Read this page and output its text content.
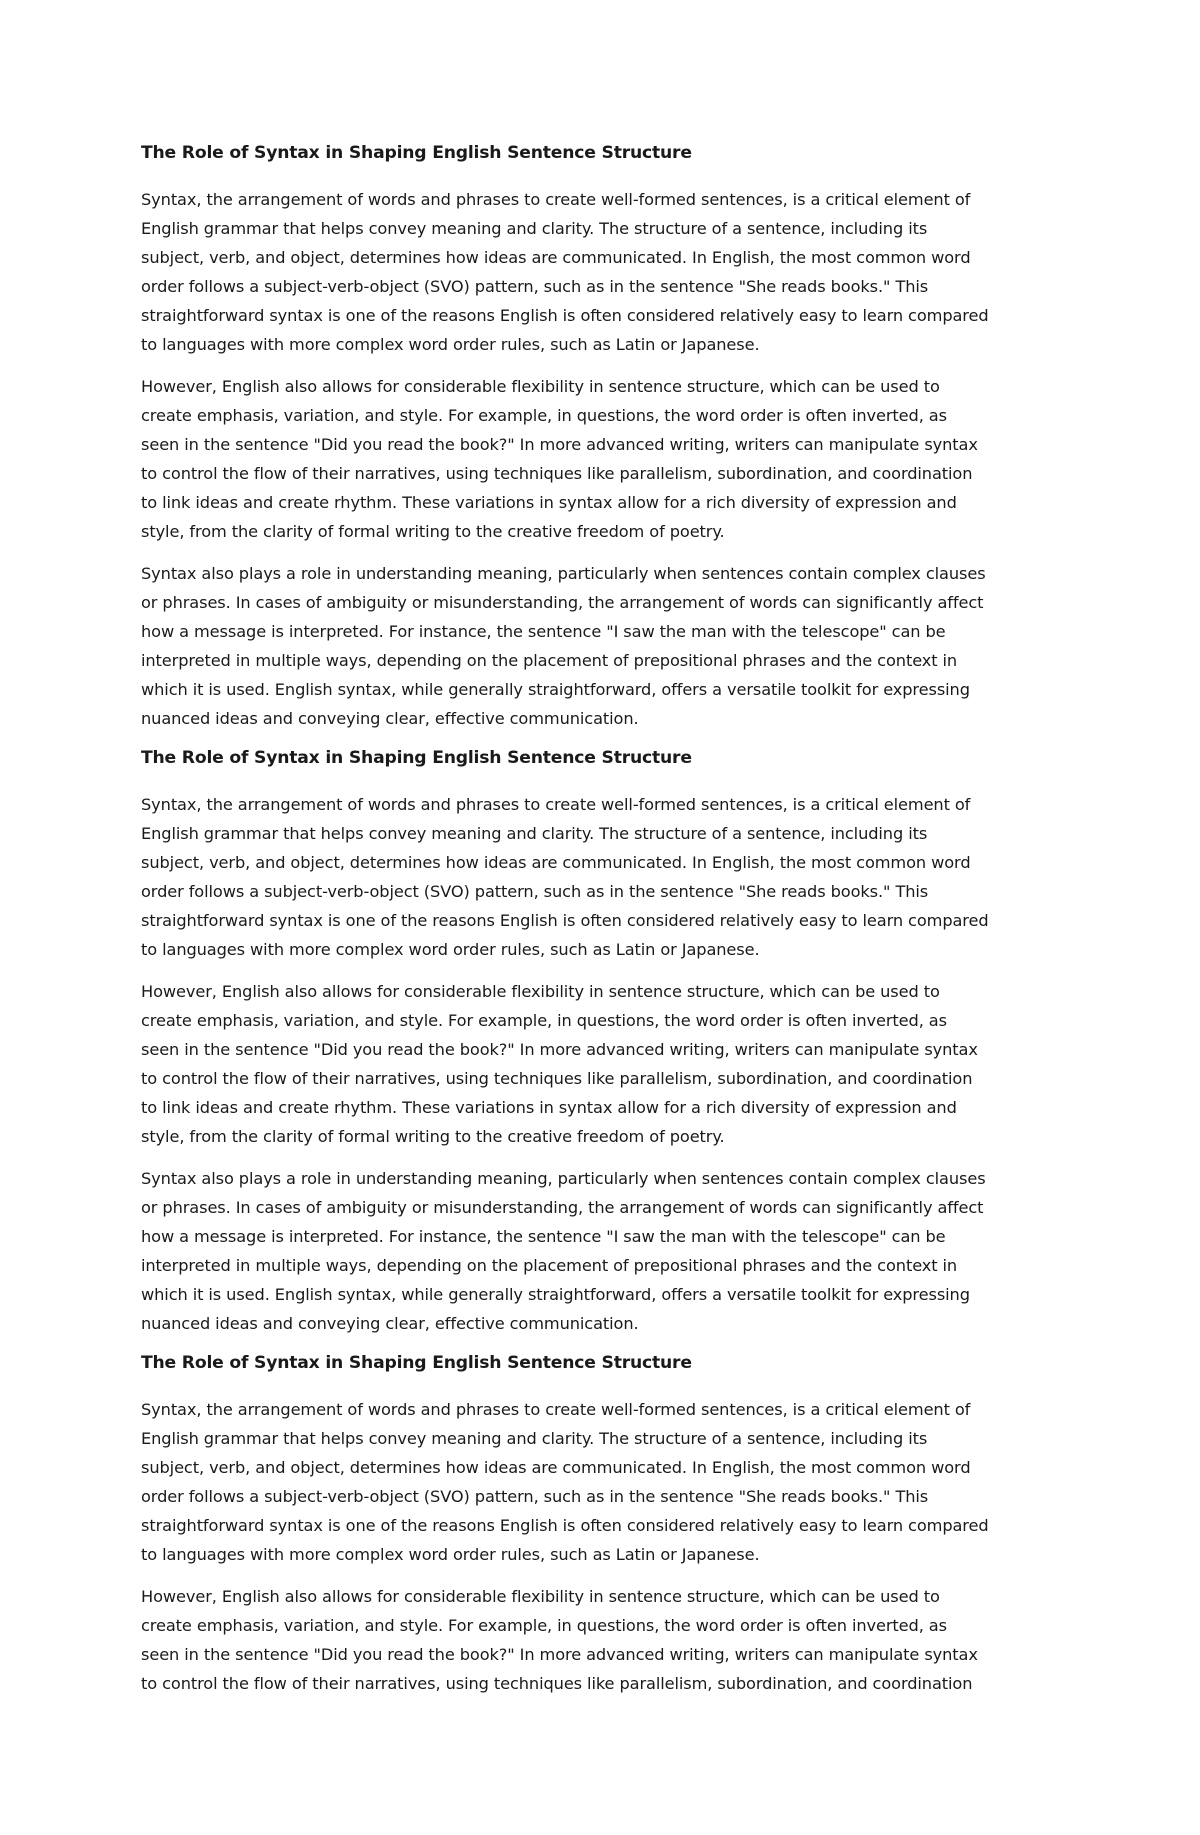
The Role of Syntax in Shaping English Sentence Structure
Syntax, the arrangement of words and phrases to create well-formed sentences, is a critical element of
English grammar that helps convey meaning and clarity. The structure of a sentence, including its
subject, verb, and object, determines how ideas are communicated. In English, the most common word
order follows a subject-verb-object (SVO) pattern, such as in the sentence "She reads books." This
straightforward syntax is one of the reasons English is often considered relatively easy to learn compared
to languages with more complex word order rules, such as Latin or Japanese.
However, English also allows for considerable flexibility in sentence structure, which can be used to
create emphasis, variation, and style. For example, in questions, the word order is often inverted, as
seen in the sentence "Did you read the book?" In more advanced writing, writers can manipulate syntax
to control the flow of their narratives, using techniques like parallelism, subordination, and coordination
to link ideas and create rhythm. These variations in syntax allow for a rich diversity of expression and
style, from the clarity of formal writing to the creative freedom of poetry.
Syntax also plays a role in understanding meaning, particularly when sentences contain complex clauses
or phrases. In cases of ambiguity or misunderstanding, the arrangement of words can significantly affect
how a message is interpreted. For instance, the sentence "I saw the man with the telescope" can be
interpreted in multiple ways, depending on the placement of prepositional phrases and the context in
which it is used. English syntax, while generally straightforward, offers a versatile toolkit for expressing
nuanced ideas and conveying clear, effective communication.
The Role of Syntax in Shaping English Sentence Structure
Syntax, the arrangement of words and phrases to create well-formed sentences, is a critical element of
English grammar that helps convey meaning and clarity. The structure of a sentence, including its
subject, verb, and object, determines how ideas are communicated. In English, the most common word
order follows a subject-verb-object (SVO) pattern, such as in the sentence "She reads books." This
straightforward syntax is one of the reasons English is often considered relatively easy to learn compared
to languages with more complex word order rules, such as Latin or Japanese.
However, English also allows for considerable flexibility in sentence structure, which can be used to
create emphasis, variation, and style. For example, in questions, the word order is often inverted, as
seen in the sentence "Did you read the book?" In more advanced writing, writers can manipulate syntax
to control the flow of their narratives, using techniques like parallelism, subordination, and coordination
to link ideas and create rhythm. These variations in syntax allow for a rich diversity of expression and
style, from the clarity of formal writing to the creative freedom of poetry.
Syntax also plays a role in understanding meaning, particularly when sentences contain complex clauses
or phrases. In cases of ambiguity or misunderstanding, the arrangement of words can significantly affect
how a message is interpreted. For instance, the sentence "I saw the man with the telescope" can be
interpreted in multiple ways, depending on the placement of prepositional phrases and the context in
which it is used. English syntax, while generally straightforward, offers a versatile toolkit for expressing
nuanced ideas and conveying clear, effective communication.
The Role of Syntax in Shaping English Sentence Structure
Syntax, the arrangement of words and phrases to create well-formed sentences, is a critical element of
English grammar that helps convey meaning and clarity. The structure of a sentence, including its
subject, verb, and object, determines how ideas are communicated. In English, the most common word
order follows a subject-verb-object (SVO) pattern, such as in the sentence "She reads books." This
straightforward syntax is one of the reasons English is often considered relatively easy to learn compared
to languages with more complex word order rules, such as Latin or Japanese.
However, English also allows for considerable flexibility in sentence structure, which can be used to
create emphasis, variation, and style. For example, in questions, the word order is often inverted, as
seen in the sentence "Did you read the book?" In more advanced writing, writers can manipulate syntax
to control the flow of their narratives, using techniques like parallelism, subordination, and coordination
